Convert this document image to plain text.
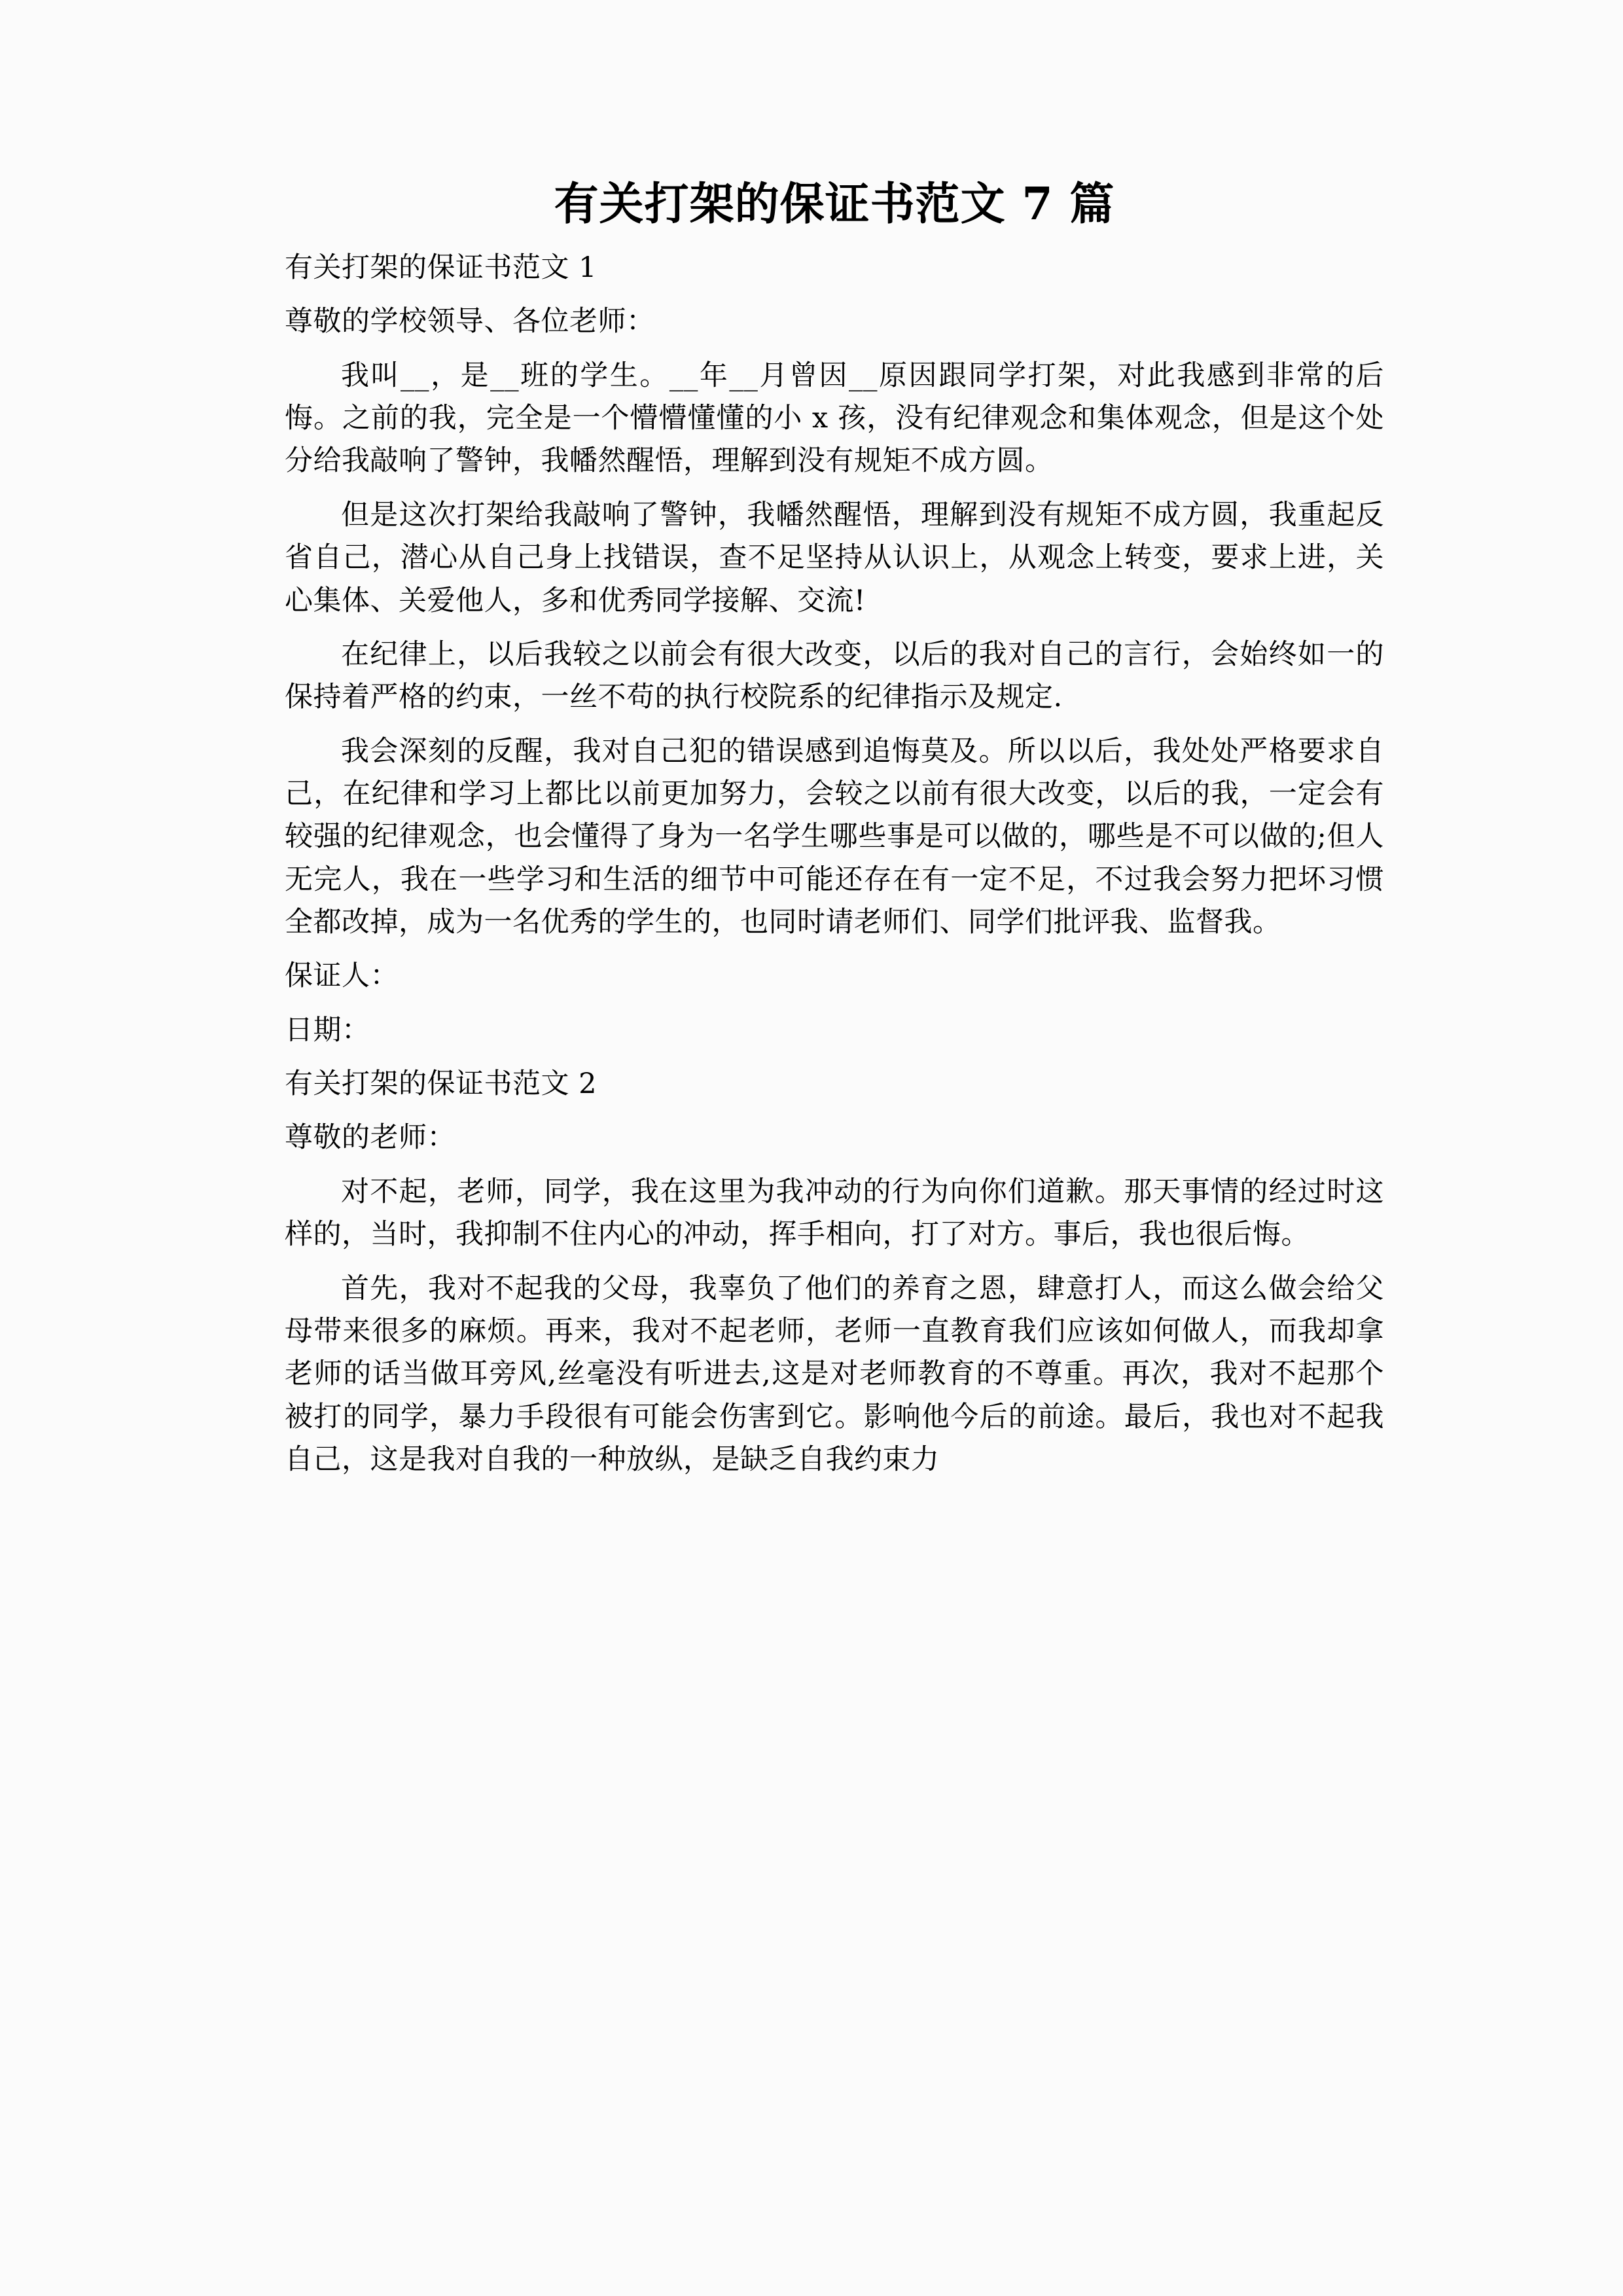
有关打架的保证书范文 7 篇

有关打架的保证书范文 1

尊敬的学校领导、各位老师：

我叫__，是__班的学生。__年__月曾因__原因跟同学打架，对此我感到非常的后悔。之前的我，完全是一个懵懵懂懂的小 x 孩，没有纪律观念和集体观念，但是这个处分给我敲响了警钟，我幡然醒悟，理解到没有规矩不成方圆。

但是这次打架给我敲响了警钟，我幡然醒悟，理解到没有规矩不成方圆，我重起反省自己，潜心从自己身上找错误，查不足坚持从认识上，从观念上转变，要求上进，关心集体、关爱他人，多和优秀同学接解、交流!

在纪律上，以后我较之以前会有很大改变，以后的我对自己的言行，会始终如一的保持着严格的约束，一丝不苟的执行校院系的纪律指示及规定.

我会深刻的反醒，我对自己犯的错误感到追悔莫及。所以以后，我处处严格要求自己，在纪律和学习上都比以前更加努力，会较之以前有很大改变，以后的我，一定会有较强的纪律观念，也会懂得了身为一名学生哪些事是可以做的，哪些是不可以做的;但人无完人，我在一些学习和生活的细节中可能还存在有一定不足，不过我会努力把坏习惯全都改掉，成为一名优秀的学生的，也同时请老师们、同学们批评我、监督我。

保证人：

日期：

有关打架的保证书范文 2

尊敬的老师：

对不起，老师，同学，我在这里为我冲动的行为向你们道歉。那天事情的经过时这样的，当时，我抑制不住内心的冲动，挥手相向，打了对方。事后，我也很后悔。

首先，我对不起我的父母，我辜负了他们的养育之恩，肆意打人，而这么做会给父母带来很多的麻烦。再来，我对不起老师，老师一直教育我们应该如何做人，而我却拿老师的话当做耳旁风,丝毫没有听进去,这是对老师教育的不尊重。再次，我对不起那个被打的同学，暴力手段很有可能会伤害到它。影响他今后的前途。最后，我也对不起我自己，这是我对自我的一种放纵，是缺乏自我约束力
